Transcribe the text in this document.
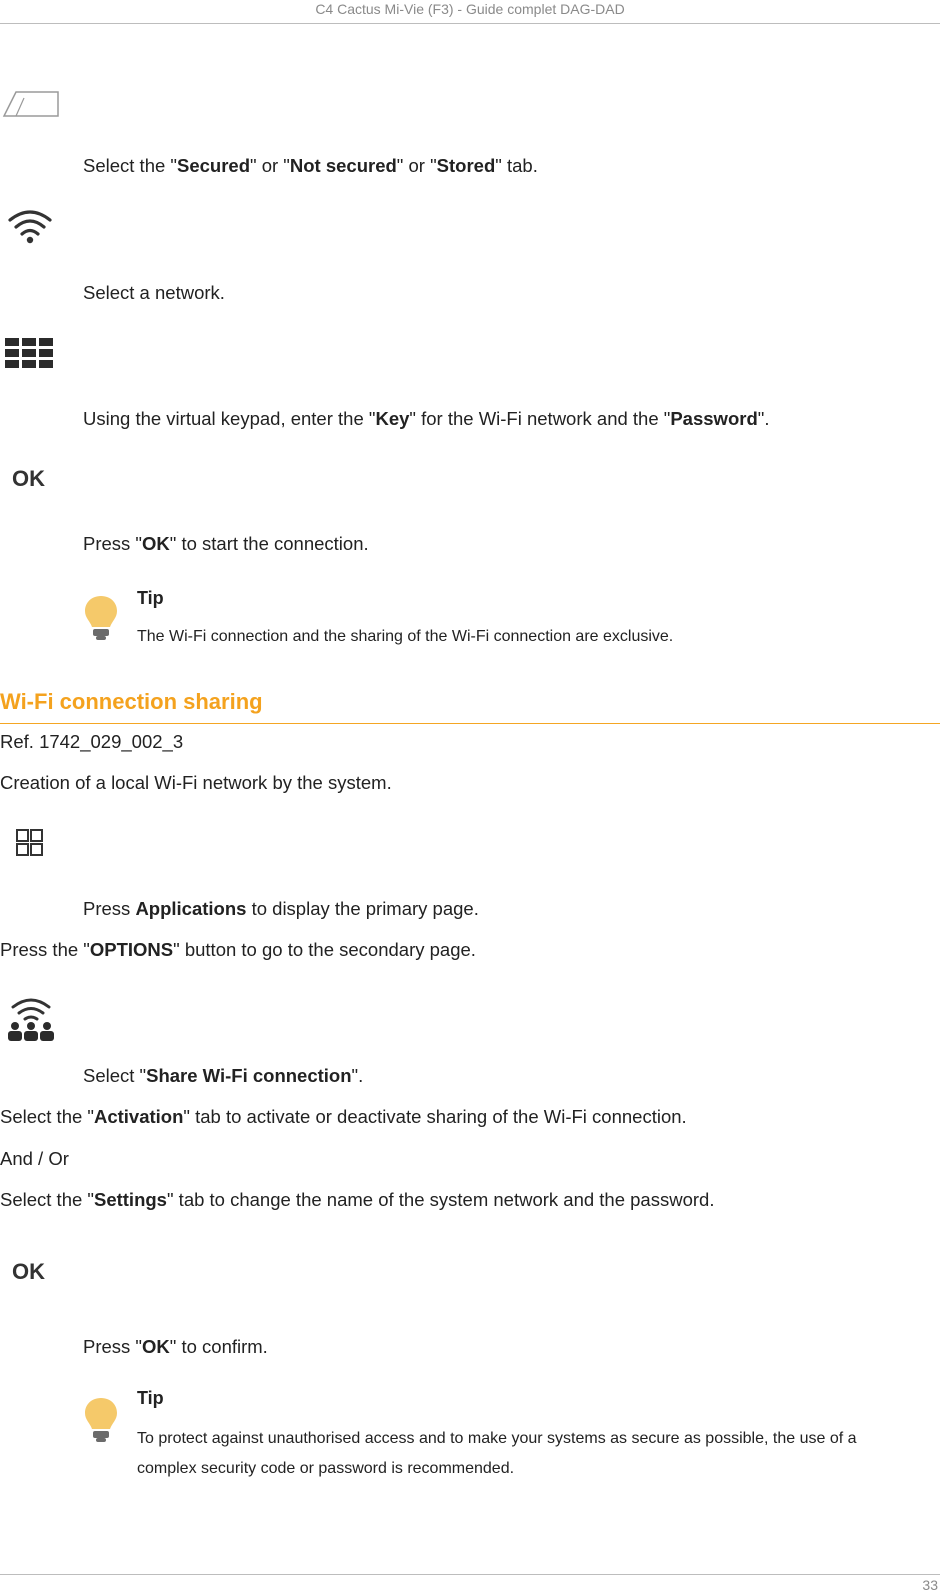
C4 Cactus Mi-Vie (F3) - Guide complet DAG-DAD
Select the "Secured" or "Not secured" or "Stored" tab.
Select a network.
Using the virtual keypad, enter the "Key" for the Wi-Fi network and the "Password".
OK
Press "OK" to start the connection.
Tip
The Wi-Fi connection and the sharing of the Wi-Fi connection are exclusive.
Wi-Fi connection sharing
Ref. 1742_029_002_3
Creation of a local Wi-Fi network by the system.
Press Applications to display the primary page.
Press the "OPTIONS" button to go to the secondary page.
Select "Share Wi-Fi connection".
Select the "Activation" tab to activate or deactivate sharing of the Wi-Fi connection.
And / Or
Select the "Settings" tab to change the name of the system network and the password.
OK
Press "OK" to confirm.
Tip
To protect against unauthorised access and to make your systems as secure as possible, the use of a complex security code or password is recommended.
33
